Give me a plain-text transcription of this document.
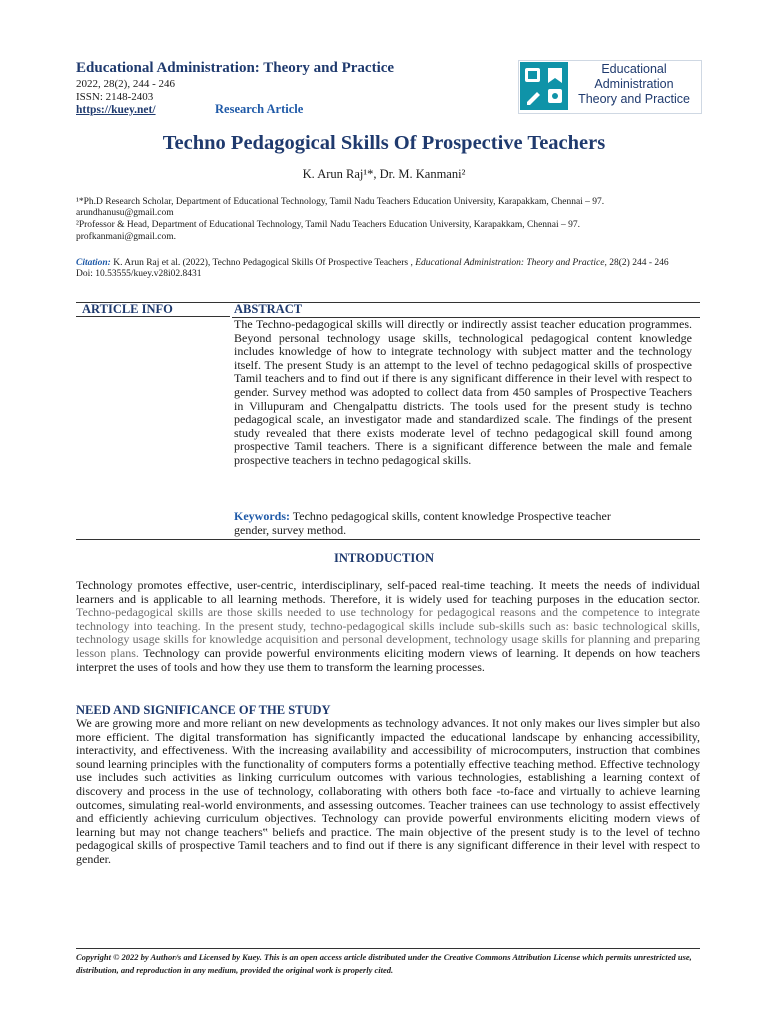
Educational Administration: Theory and Practice
2022, 28(2), 244 - 246
ISSN: 2148-2403
https://kuey.net/	Research Article
Educational
Administration
Theory and Practice
Techno Pedagogical Skills Of Prospective Teachers
K. Arun Raj¹*, Dr. M. Kanmani²
¹*Ph.D Research Scholar, Department of Educational Technology, Tamil Nadu Teachers Education University, Karapakkam, Chennai – 97.
arundhanusu@gmail.com
²Professor & Head, Department of Educational Technology, Tamil Nadu Teachers Education University, Karapakkam, Chennai – 97.
profkanmani@gmail.com.
Citation: K. Arun Raj et al. (2022), Techno Pedagogical Skills Of Prospective Teachers , Educational Administration: Theory and Practice, 28(2) 244 - 246
Doi: 10.53555/kuey.v28i02.8431
ARTICLE INFO	ABSTRACT
The Techno-pedagogical skills will directly or indirectly assist teacher education programmes. Beyond personal technology usage skills, technological pedagogical content knowledge includes knowledge of how to integrate technology with subject matter and the technology itself. The present Study is an attempt to the level of techno pedagogical skills of prospective Tamil teachers and to find out if there is any significant difference in their level with respect to gender. Survey method was adopted to collect data from 450 samples of Prospective Teachers in Villupuram and Chengalpattu districts. The tools used for the present study is techno pedagogical scale, an investigator made and standardized scale. The findings of the present study revealed that there exists moderate level of techno pedagogical skill found among prospective Tamil teachers. There is a significant difference between the male and female prospective teachers in techno pedagogical skills.
Keywords: Techno pedagogical skills, content knowledge Prospective teacher
gender, survey method.
INTRODUCTION
Technology promotes effective, user-centric, interdisciplinary, self-paced real-time teaching. It meets the needs of individual learners and is applicable to all learning methods. Therefore, it is widely used for teaching purposes in the education sector. Techno-pedagogical skills are those skills needed to use technology for pedagogical reasons and the competence to integrate technology into teaching. In the present study, techno-pedagogical skills include sub-skills such as: basic technological skills, technology usage skills for knowledge acquisition and personal development, technology usage skills for planning and preparing lesson plans. Technology can provide powerful environments eliciting modern views of learning. It depends on how teachers interpret the uses of tools and how they use them to transform the learning processes.
NEED AND SIGNIFICANCE OF THE STUDY
We are growing more and more reliant on new developments as technology advances. It not only makes our lives simpler but also more efficient. The digital transformation has significantly impacted the educational landscape by enhancing accessibility, interactivity, and effectiveness. With the increasing availability and accessibility of microcomputers, instruction that combines sound learning principles with the functionality of computers forms a potentially effective teaching method. Effective technology use includes such activities as linking curriculum outcomes with various technologies, establishing a learning context of discovery and process in the use of technology, collaborating with others both face -to-face and virtually to achieve learning outcomes, simulating real-world environments, and assessing outcomes. Teacher trainees can use technology to assist effectively and efficiently achieving curriculum objectives. Technology can provide powerful environments eliciting modern views of learning but may not change teachers‟ beliefs and practice. The main objective of the present study is to the level of techno pedagogical skills of prospective Tamil teachers and to find out if there is any significant difference in their level with respect to gender.
Copyright © 2022 by Author/s and Licensed by Kuey. This is an open access article distributed under the Creative Commons Attribution License which permits unrestricted use, distribution, and reproduction in any medium, provided the original work is properly cited.
